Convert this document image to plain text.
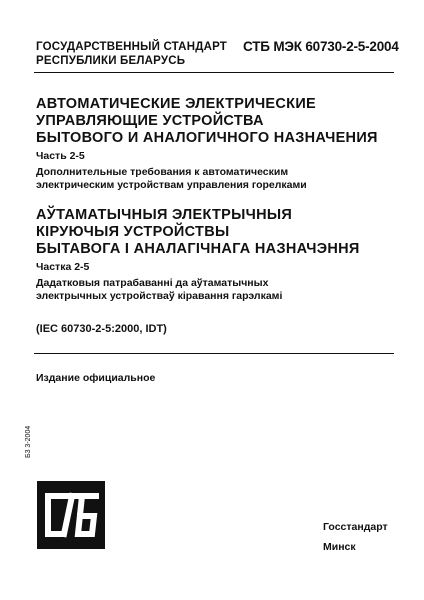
ГОСУДАРСТВЕННЫЙ СТАНДАРТ
РЕСПУБЛИКИ БЕЛАРУСЬ
СТБ МЭК 60730-2-5-2004
АВТОМАТИЧЕСКИЕ ЭЛЕКТРИЧЕСКИЕ
УПРАВЛЯЮЩИЕ УСТРОЙСТВА
БЫТОВОГО И АНАЛОГИЧНОГО НАЗНАЧЕНИЯ
Часть 2-5
Дополнительные требования к автоматическим
электрическим устройствам управления горелками
АЎТАМАТЫЧНЫЯ ЭЛЕКТРЫЧНЫЯ
КІРУЮЧЫЯ УСТРОЙСТВЫ
БЫТАВОГА І АНАЛАГІЧНАГА НАЗНАЧЭННЯ
Частка 2-5
Дадатковыя патрабаванні да аўтаматычных
электрычных устройстваў кiравання гарэлкамі
(IEC 60730-2-5:2000, IDT)
Издание официальное
Б3 3-2004
Госстандарт
Минск
